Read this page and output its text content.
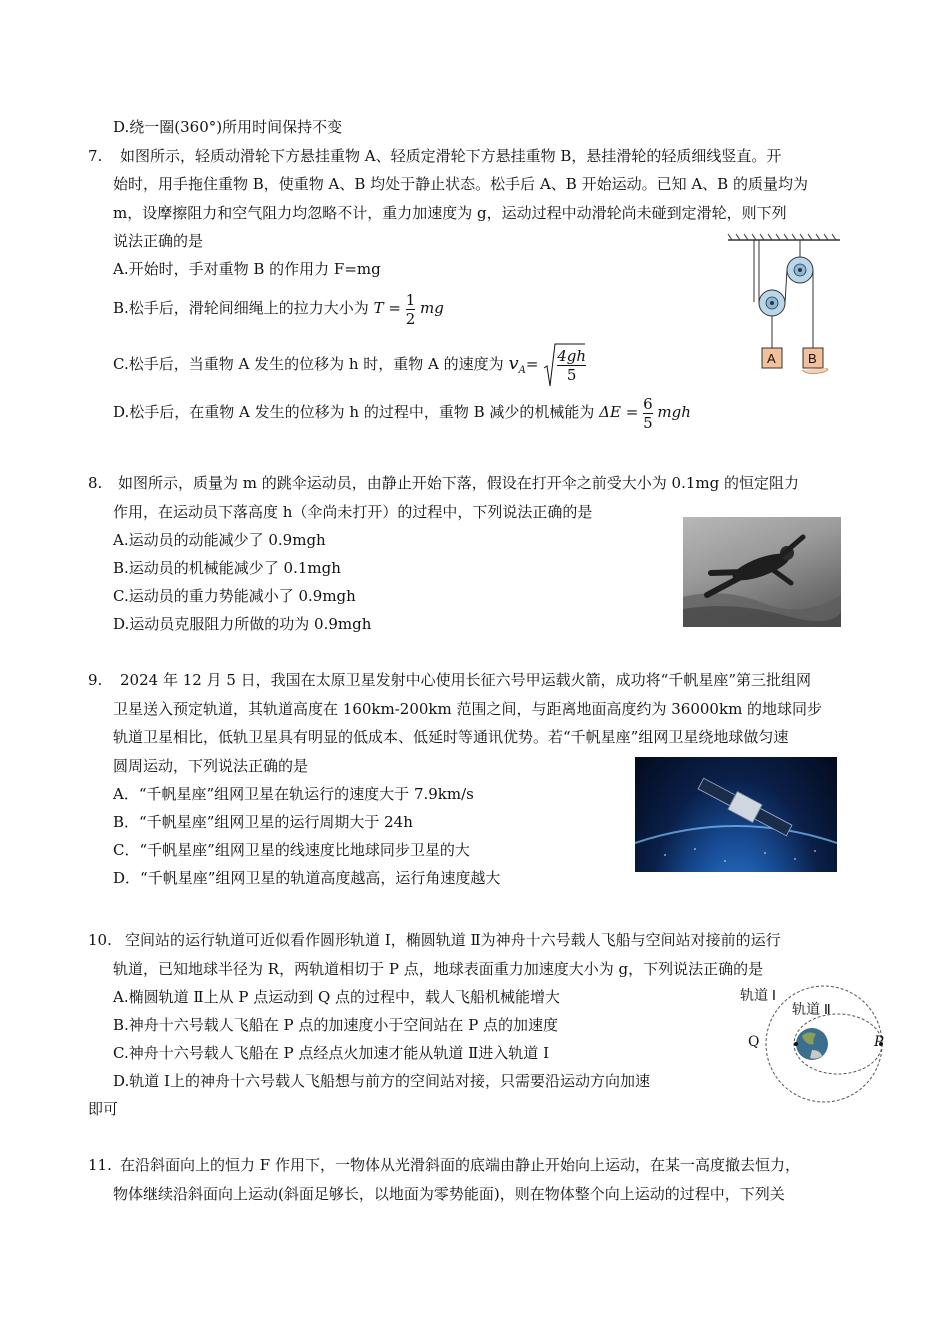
D.绕一圈(360°)所用时间保持不变
7. 如图所示，轻质动滑轮下方悬挂重物 A、轻质定滑轮下方悬挂重物 B，悬挂滑轮的轻质细线竖直。开
始时，用手拖住重物 B，使重物 A、B 均处于静止状态。松手后 A、B 开始运动。已知 A、B 的质量均为
m，设摩擦阻力和空气阻力均忽略不计，重力加速度为 g，运动过程中动滑轮尚未碰到定滑轮，则下列
说法正确的是
A.开始时，手对重物 B 的作用力 F=mg
B.松手后，滑轮间细绳上的拉力大小为 $T = \frac{1}{2}$ mg
C.松手后，当重物 A 发生的位移为 h 时，重物 A 的速度为 $v_A= \frac{4gh}{5}$
D.松手后，在重物 A 发生的位移为 h 的过程中，重物 B 减少的机械能为 $\Delta E = \frac{6}{5}$ mgh
A B
8. 如图所示，质量为 m 的跳伞运动员，由静止开始下落，假设在打开伞之前受大小为 0.1mg 的恒定阻力
作用，在运动员下落高度 h（伞尚未打开）的过程中，下列说法正确的是
A.运动员的动能减少了 0.9mgh
B.运动员的机械能减少了 0.1mgh
C.运动员的重力势能减小了 0.9mgh
D.运动员克服阻力所做的功为 0.9mgh
9. 2024 年 12 月 5 日，我国在太原卫星发射中心使用长征六号甲运载火箭，成功将“千帆星座”第三批组网
卫星送入预定轨道，其轨道高度在 160km-200km 范围之间，与距离地面高度约为 36000km 的地球同步
轨道卫星相比，低轨卫星具有明显的低成本、低延时等通讯优势。若“千帆星座”组网卫星绕地球做匀速
圆周运动，下列说法正确的是
A．“千帆星座”组网卫星在轨运行的速度大于 7.9km/s
B．“千帆星座”组网卫星的运行周期大于 24h
C．“千帆星座”组网卫星的线速度比地球同步卫星的大
D．“千帆星座”组网卫星的轨道高度越高，运行角速度越大
10. 空间站的运行轨道可近似看作圆形轨道 Ⅰ，椭圆轨道 Ⅱ为神舟十六号载人飞船与空间站对接前的运行
轨道，已知地球半径为 R，两轨道相切于 P 点，地球表面重力加速度大小为 g，下列说法正确的是
A.椭圆轨道 Ⅱ上从 P 点运动到 Q 点的过程中，载人飞船机械能增大
B.神舟十六号载人飞船在 P 点的加速度小于空间站在 P 点的加速度
C.神舟十六号载人飞船在 P 点经点火加速才能从轨道 Ⅱ进入轨道 Ⅰ
D.轨道 Ⅰ上的神舟十六号载人飞船想与前方的空间站对接，只需要沿运动方向加速
即可
轨道 Ⅰ
轨道 Ⅱ
Q	P
11. 在沿斜面向上的恒力 F 作用下，一物体从光滑斜面的底端由静止开始向上运动，在某一高度撤去恒力，
物体继续沿斜面向上运动(斜面足够长，以地面为零势能面)，则在物体整个向上运动的过程中，下列关
